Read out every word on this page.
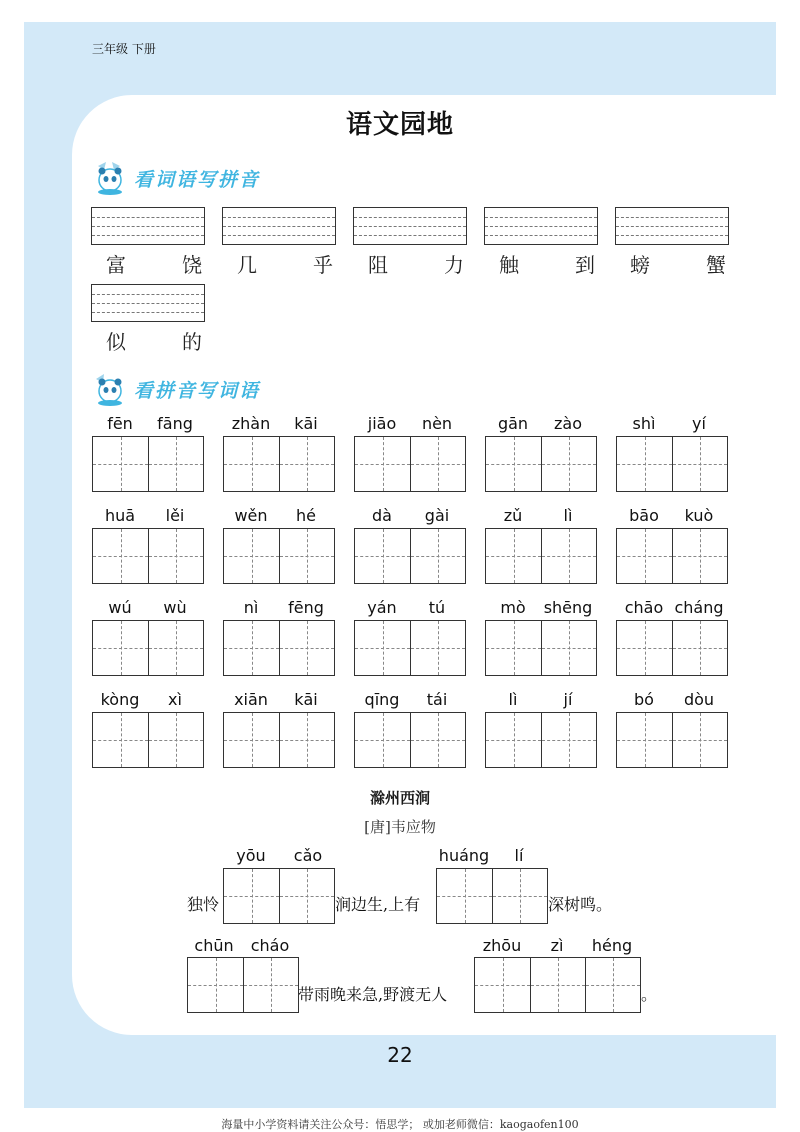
三年级 下册
语文园地
看词语写拼音
富	饶 几	乎 阻	力 触	到 螃	蟹
似	的
看拼音写词语
fēn	fāng	zhàn	kāi	jiāo	nèn	gān	zào	shì	yí
huā	lěi	wěn	hé	dà	gài	zǔ	lì	bāo	kuò
wú	wù	nì	fēng	yán	tú	mò	shēng	chāo cháng
kòng	xì	xiān	kāi	qīng	tái	lì	jí	bó	dòu
滁州西涧
[唐]韦应物
yōu	cǎo
独怜	涧边生,上有
huáng	lí
深树鸣。
chūn	cháo
带雨晚来急,野渡无人
zhōu	zì	héng
。
22
海量中小学资料请关注公众号：悟思学； 或加老师微信：kaogaofen100
